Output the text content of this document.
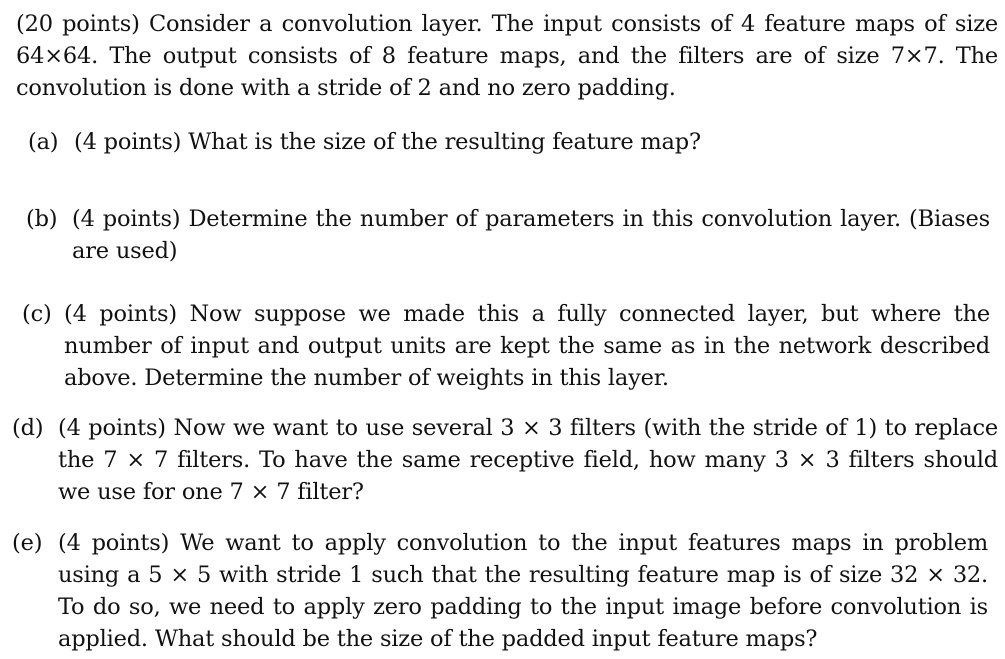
(20 points) Consider a convolution layer. The input consists of 4 feature maps of size 64×64. The output consists of 8 feature maps, and the filters are of size 7×7. The convolution is done with a stride of 2 and no zero padding.
(a) (4 points) What is the size of the resulting feature map?
(b) (4 points) Determine the number of parameters in this convolution layer. (Biases are used)
(c) (4 points) Now suppose we made this a fully connected layer, but where the number of input and output units are kept the same as in the network described above. Determine the number of weights in this layer.
(d) (4 points) Now we want to use several 3 × 3 filters (with the stride of 1) to replace the 7 × 7 filters. To have the same receptive field, how many 3 × 3 filters should we use for one 7 × 7 filter?
(e) (4 points) We want to apply convolution to the input features maps in problem using a 5 × 5 with stride 1 such that the resulting feature map is of size 32 × 32. To do so, we need to apply zero padding to the input image before convolution is applied. What should be the size of the padded input feature maps?
